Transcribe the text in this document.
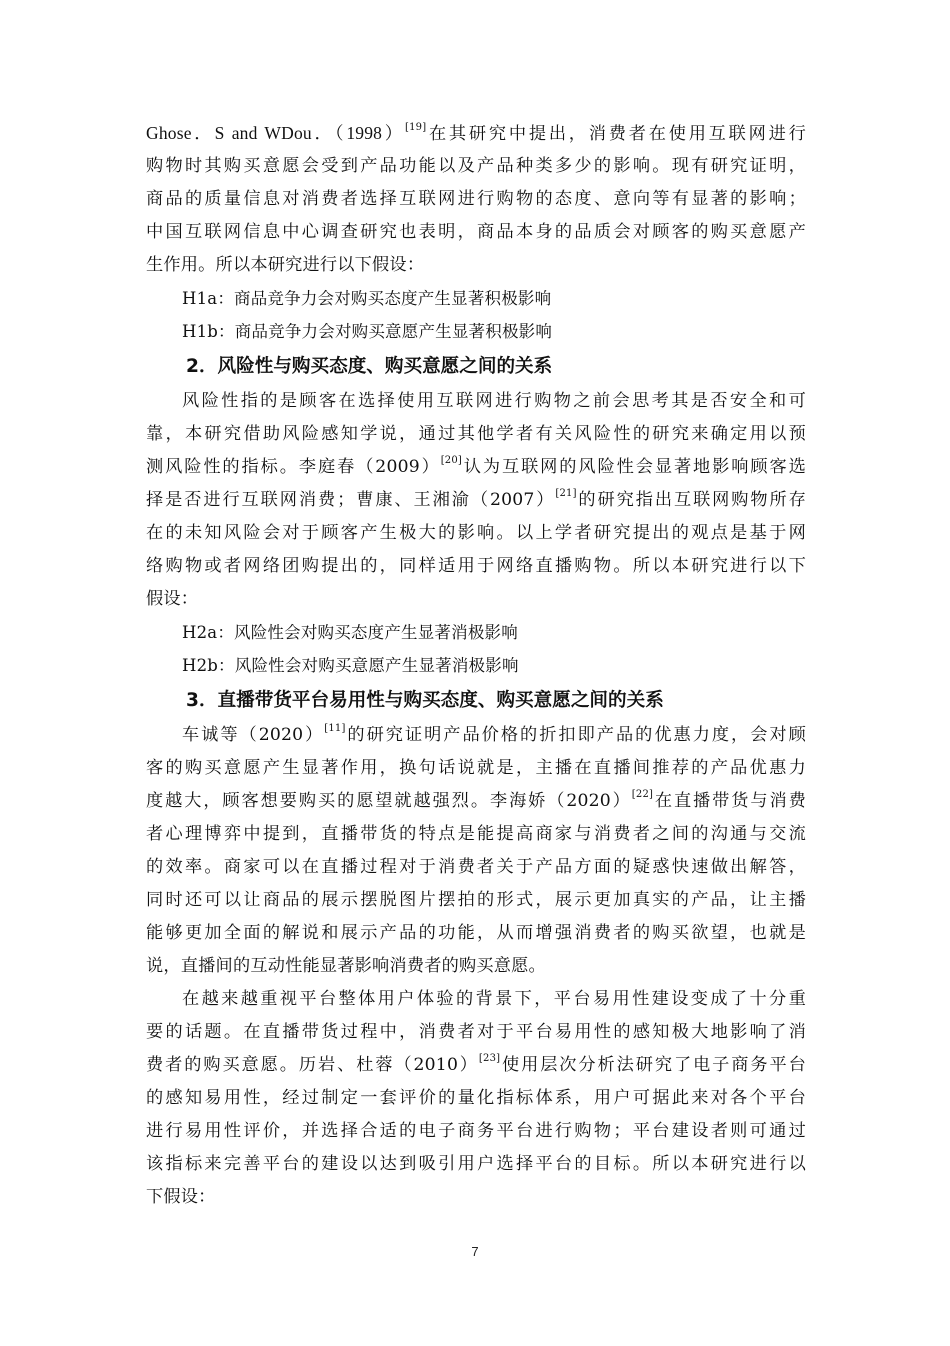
Ghose．S and WDou．（1998）[19]在其研究中提出，消费者在使用互联网进行
购物时其购买意愿会受到产品功能以及产品种类多少的影响。现有研究证明，
商品的质量信息对消费者选择互联网进行购物的态度、意向等有显著的影响；
中国互联网信息中心调查研究也表明，商品本身的品质会对顾客的购买意愿产
生作用。所以本研究进行以下假设：
H1a：商品竞争力会对购买态度产生显著积极影响
H1b：商品竞争力会对购买意愿产生显著积极影响
2．风险性与购买态度、购买意愿之间的关系
风险性指的是顾客在选择使用互联网进行购物之前会思考其是否安全和可
靠，本研究借助风险感知学说，通过其他学者有关风险性的研究来确定用以预
测风险性的指标。李庭春（2009）[20]认为互联网的风险性会显著地影响顾客选
择是否进行互联网消费；曹康、王湘渝（2007）[21]的研究指出互联网购物所存
在的未知风险会对于顾客产生极大的影响。以上学者研究提出的观点是基于网
络购物或者网络团购提出的，同样适用于网络直播购物。所以本研究进行以下
假设：
H2a：风险性会对购买态度产生显著消极影响
H2b：风险性会对购买意愿产生显著消极影响
3．直播带货平台易用性与购买态度、购买意愿之间的关系
车诚等（2020）[11]的研究证明产品价格的折扣即产品的优惠力度，会对顾
客的购买意愿产生显著作用，换句话说就是，主播在直播间推荐的产品优惠力
度越大，顾客想要购买的愿望就越强烈。李海娇（2020）[22]在直播带货与消费
者心理博弈中提到，直播带货的特点是能提高商家与消费者之间的沟通与交流
的效率。商家可以在直播过程对于消费者关于产品方面的疑惑快速做出解答，
同时还可以让商品的展示摆脱图片摆拍的形式，展示更加真实的产品，让主播
能够更加全面的解说和展示产品的功能，从而增强消费者的购买欲望，也就是
说，直播间的互动性能显著影响消费者的购买意愿。
在越来越重视平台整体用户体验的背景下，平台易用性建设变成了十分重
要的话题。在直播带货过程中，消费者对于平台易用性的感知极大地影响了消
费者的购买意愿。历岩、杜蓉（2010）[23]使用层次分析法研究了电子商务平台
的感知易用性，经过制定一套评价的量化指标体系，用户可据此来对各个平台
进行易用性评价，并选择合适的电子商务平台进行购物；平台建设者则可通过
该指标来完善平台的建设以达到吸引用户选择平台的目标。所以本研究进行以
下假设：
7
